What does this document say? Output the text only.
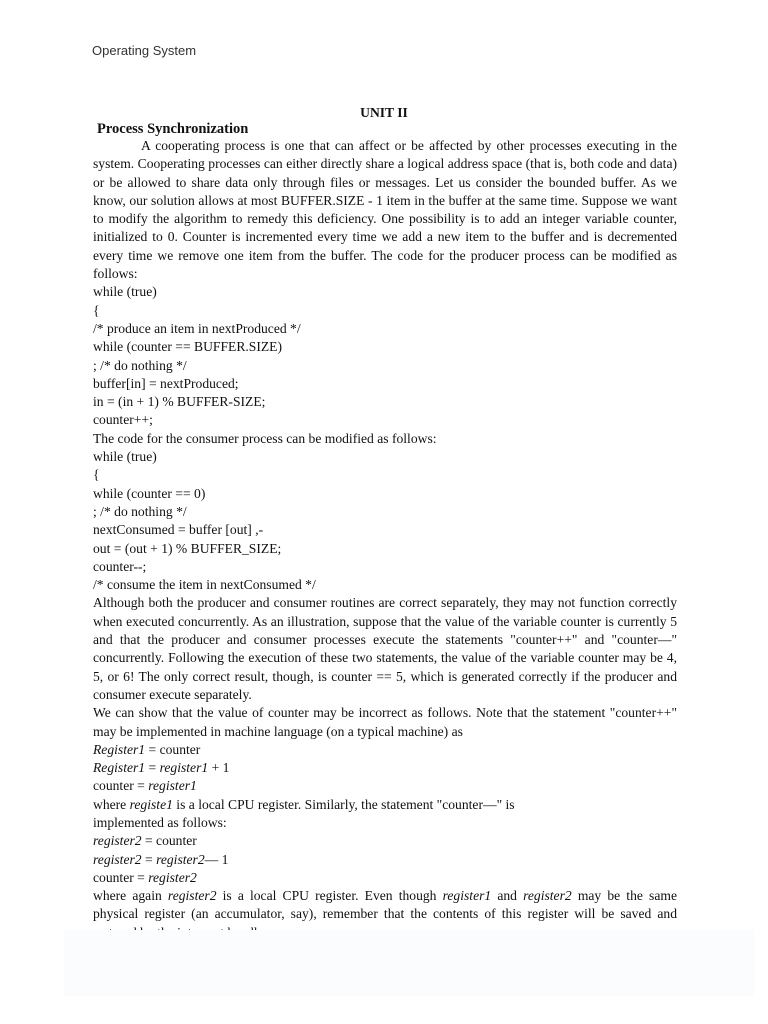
Operating System
UNIT II
Process Synchronization

A cooperating process is one that can affect or be affected by other processes executing in the system. Cooperating processes can either directly share a logical address space (that is, both code and data) or be allowed to share data only through files or messages. Let us consider the bounded buffer. As we know, our solution allows at most BUFFER.SIZE - 1 item in the buffer at the same time. Suppose we want to modify the algorithm to remedy this deficiency. One possibility is to add an integer variable counter, initialized to 0. Counter is incremented every time we add a new item to the buffer and is decremented every time we remove one item from the buffer. The code for the producer process can be modified as follows:

while (true)

{

/* produce an item in nextProduced */

while (counter == BUFFER.SIZE)

; /* do nothing */

buffer[in] = nextProduced;

in = (in + 1) % BUFFER-SIZE;

counter++;

The code for the consumer process can be modified as follows:

while (true)

{

while (counter == 0)

; /* do nothing */

nextConsumed = buffer [out] ,-

out = (out + 1) % BUFFER_SIZE;

counter--;

/* consume the item in nextConsumed */

Although both the producer and consumer routines are correct separately, they may not function correctly when executed concurrently. As an illustration, suppose that the value of the variable counter is currently 5 and that the producer and consumer processes execute the statements "counter++" and "counter—" concurrently. Following the execution of these two statements, the value of the variable counter may be 4, 5, or 6! The only correct result, though, is counter == 5, which is generated correctly if the producer and consumer execute separately.

We can show that the value of counter may be incorrect as follows. Note that the statement "counter++" may be implemented in machine language (on a typical machine) as

Register1 = counter

Register1 = register1 + 1

counter = register1

where registe1 is a local CPU register. Similarly, the statement "counter—" is

implemented as follows:

register2 = counter

register2 = register2— 1

counter = register2

where again register2 is a local CPU register. Even though register1 and register2 may be the same physical register (an accumulator, say), remember that the contents of this register will be saved and
